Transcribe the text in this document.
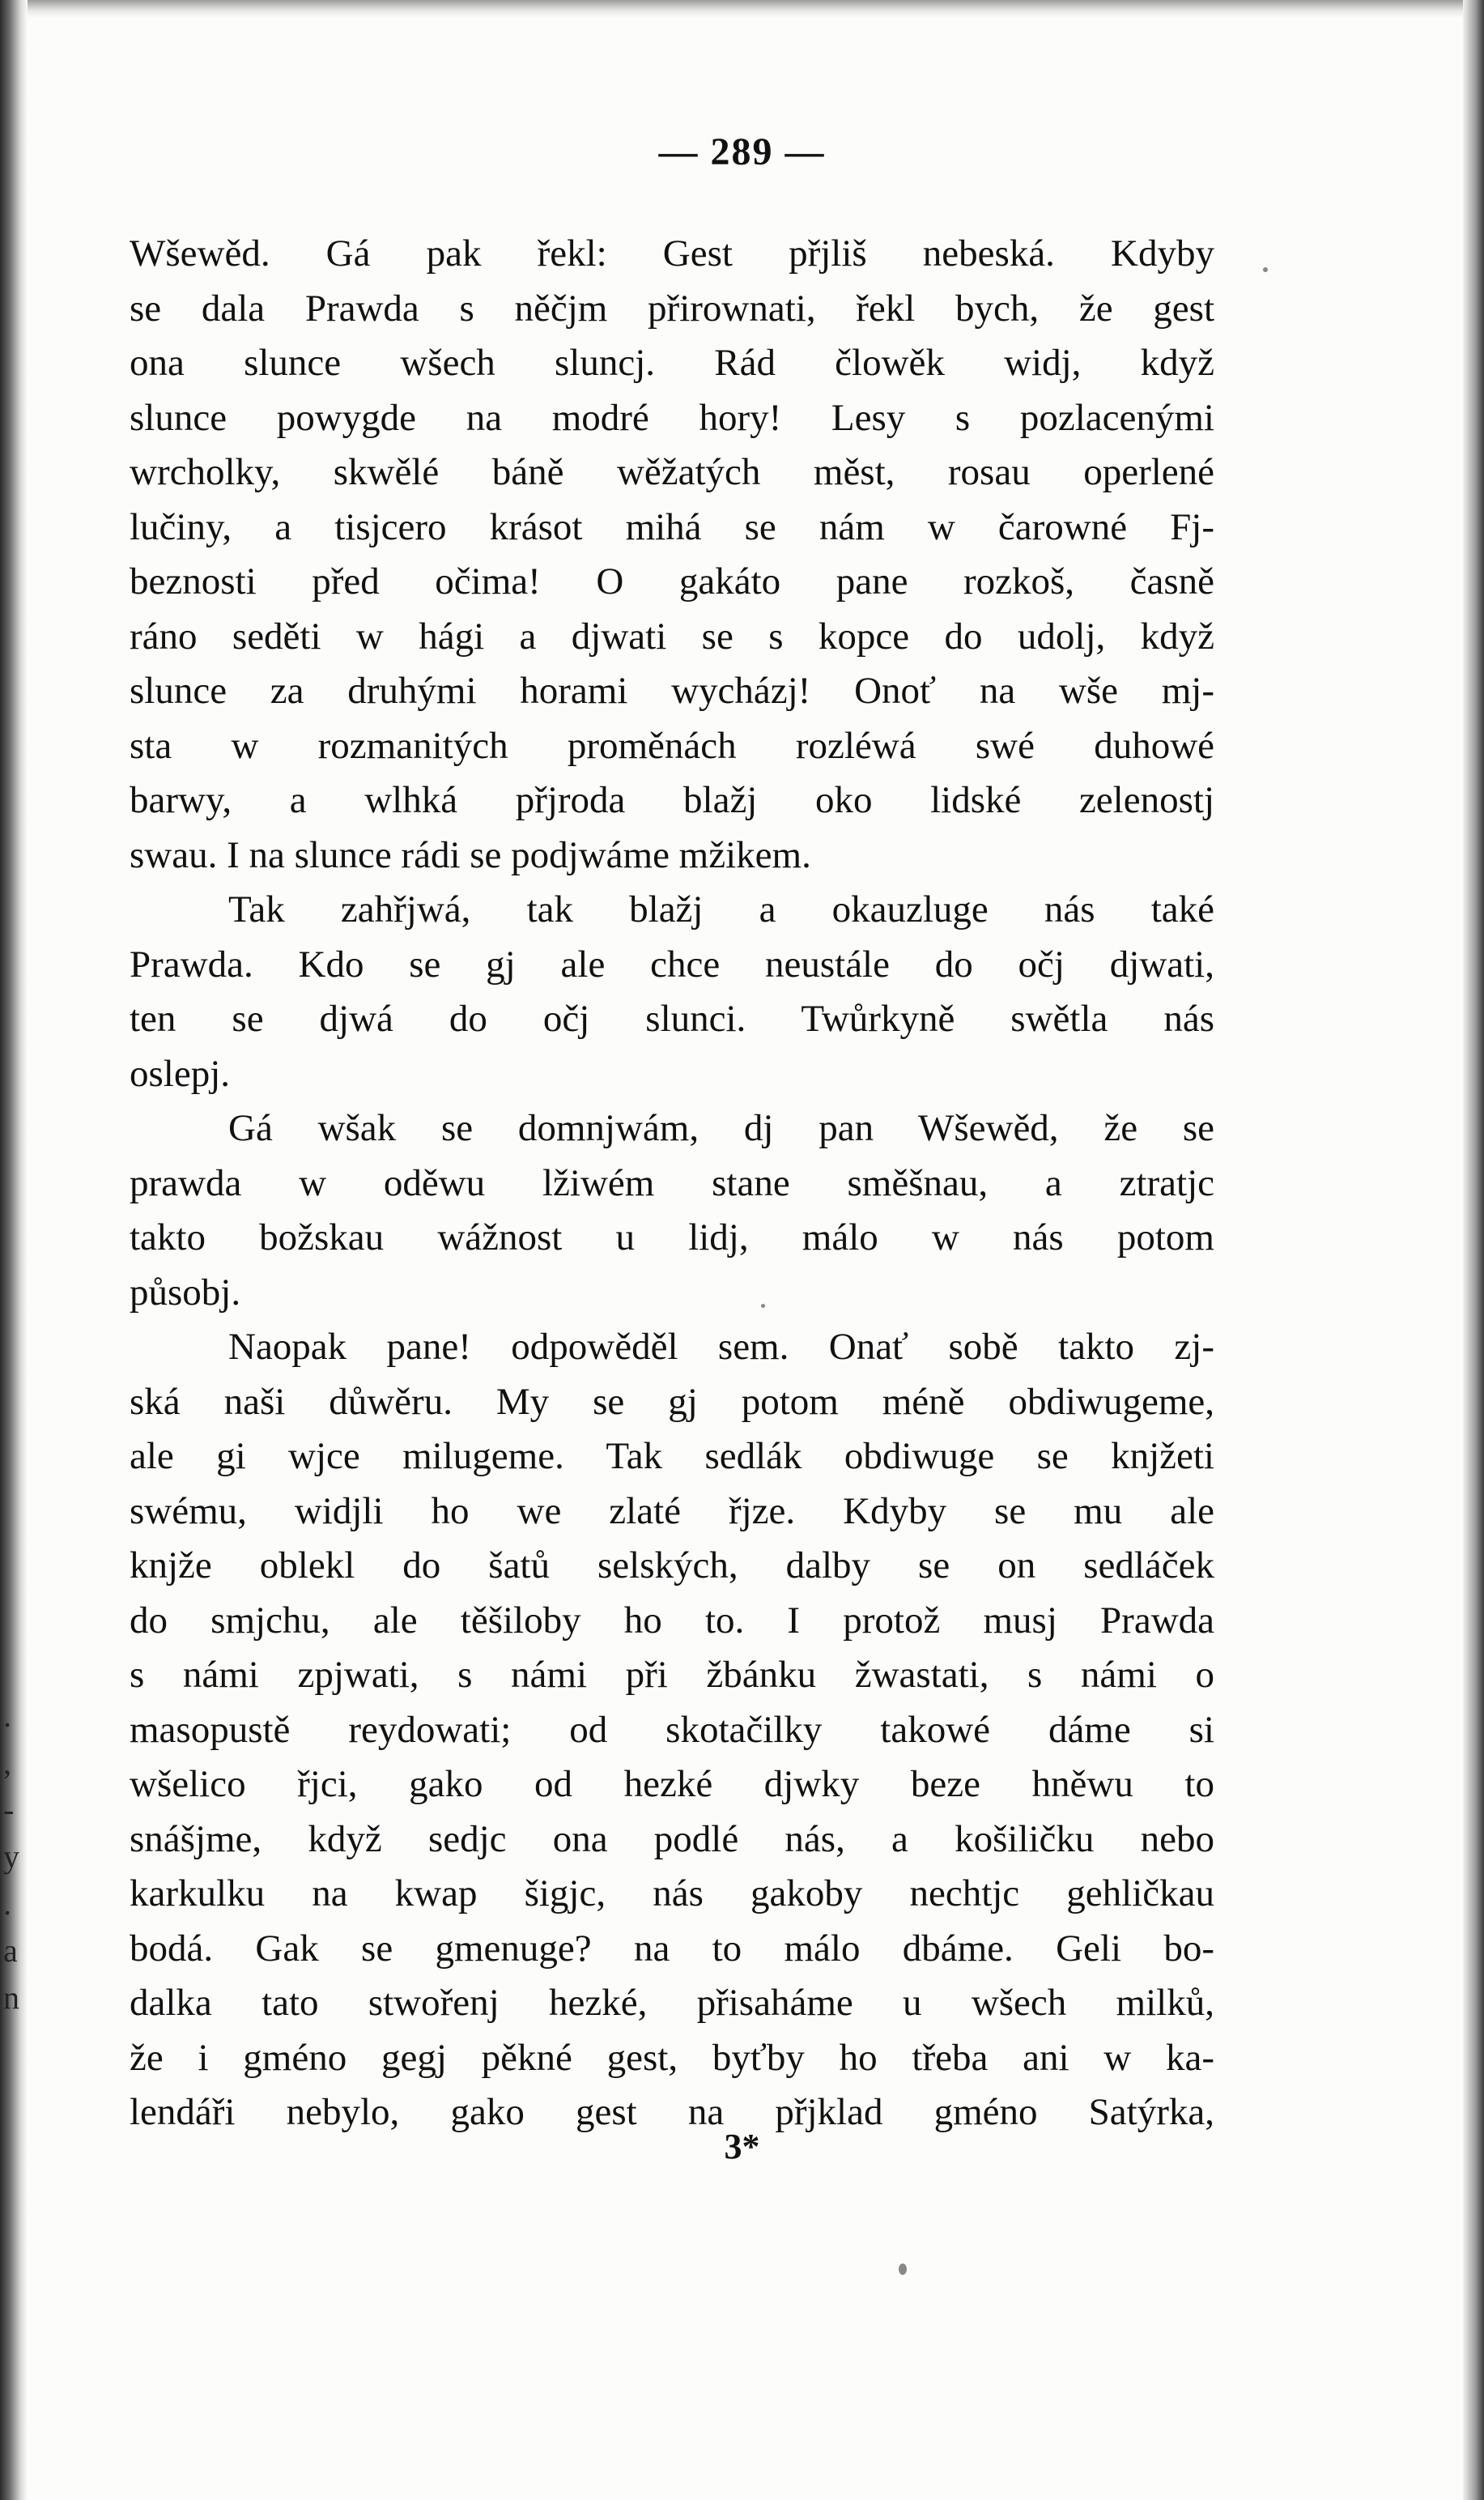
— 289 —
Wšewěd. Gá pak řekl: Gest přjliš nebeská. Kdyby
se dala Prawda s něčjm přirownati, řekl bych, že gest
ona slunce wšech sluncj. Rád člowěk widj, když
slunce powygde na modré hory! Lesy s pozlacenými
wrcholky, skwělé báně wěžatých měst, rosau operlené
lučiny, a tisjcero krásot mihá se nám w čarowné Fj-
beznosti před očima! O gakáto pane rozkoš, časně
ráno seděti w hági a djwati se s kopce do udolj, když
slunce za druhými horami wycházj! Onoť na wše mj-
sta w rozmanitých proměnách rozléwá swé duhowé
barwy, a wlhká přjroda blažj oko lidské zelenostj
swau. I na slunce rádi se podjwáme mžikem.
Tak zahřjwá, tak blažj a okauzluge nás také
Prawda. Kdo se gj ale chce neustále do očj djwati,
ten se djwá do očj slunci. Twůrkyně swětla nás
oslepj.
Gá wšak se domnjwám, dj pan Wšewěd, že se
prawda w oděwu lžiwém stane směšnau, a ztratjc
takto božskau wážnost u lidj, málo w nás potom
působj.
Naopak pane! odpowěděl sem. Onať sobě takto zj-
ská naši důwěru. My se gj potom méně obdiwugeme,
ale gi wjce milugeme. Tak sedlák obdiwuge se knjžeti
swému, widjli ho we zlaté řjze. Kdyby se mu ale
knjže oblekl do šatů selských, dalby se on sedláček
do smjchu, ale těšiloby ho to. I protož musj Prawda
s námi zpjwati, s námi při žbánku žwastati, s námi o
masopustě reydowati; od skotačilky takowé dáme si
wšelico řjci, gako od hezké djwky beze hněwu to
snášjme, když sedjc ona podlé nás, a košiličku nebo
karkulku na kwap šigjc, nás gakoby nechtjc gehličkau
bodá. Gak se gmenuge? na to málo dbáme. Geli bo-
dalka tato stwořenj hezké, přisaháme u wšech milků,
že i gméno gegj pěkné gest, byťby ho třeba ani w ka-
lendáři nebylo, gako gest na přjklad gméno Satýrka,
3*
.
,
-
y
.
a
n
